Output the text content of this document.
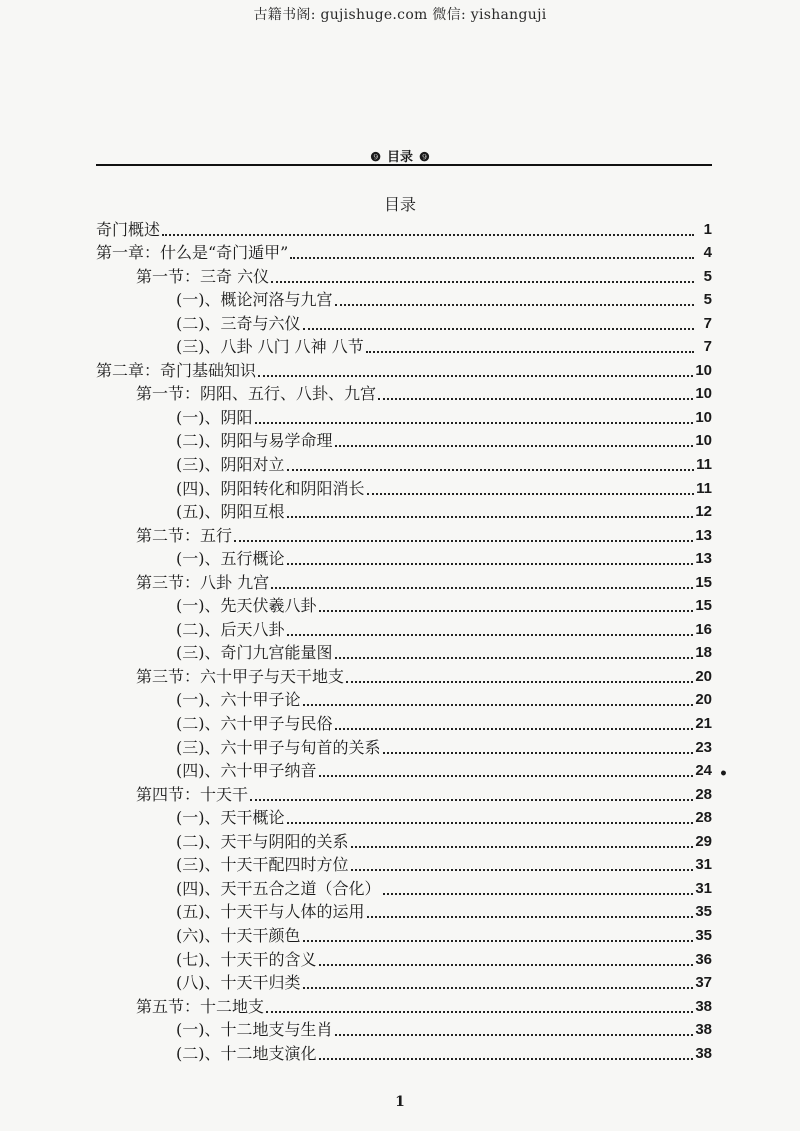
古籍书阁: gujishuge.com 微信: yishanguji
❾ 目录 ❾
目录
奇门概述	1
第一章：什么是“奇门遁甲”	4
第一节：三奇 六仪	5
(一)、概论河洛与九宫	5
(二)、三奇与六仪	7
(三)、八卦 八门 八神 八节	7
第二章：奇门基础知识	10
第一节：阴阳、五行、八卦、九宫	10
(一)、阴阳	10
(二)、阴阳与易学命理	10
(三)、阴阳对立	11
(四)、阴阳转化和阴阳消长	11
(五)、阴阳互根	12
第二节：五行	13
(一)、五行概论	13
第三节：八卦 九宫	15
(一)、先天伏羲八卦	15
(二)、后天八卦	16
(三)、奇门九宫能量图	18
第三节：六十甲子与天干地支	20
(一)、六十甲子论	20
(二)、六十甲子与民俗	21
(三)、六十甲子与旬首的关系	23
(四)、六十甲子纳音	24
第四节：十天干	28
(一)、天干概论	28
(二)、天干与阴阳的关系	29
(三)、十天干配四时方位	31
(四)、天干五合之道（合化）	31
(五)、十天干与人体的运用	35
(六)、十天干颜色	35
(七)、十天干的含义	36
(八)、十天干归类	37
第五节：十二地支	38
(一)、十二地支与生肖	38
(二)、十二地支演化	38
•
1
